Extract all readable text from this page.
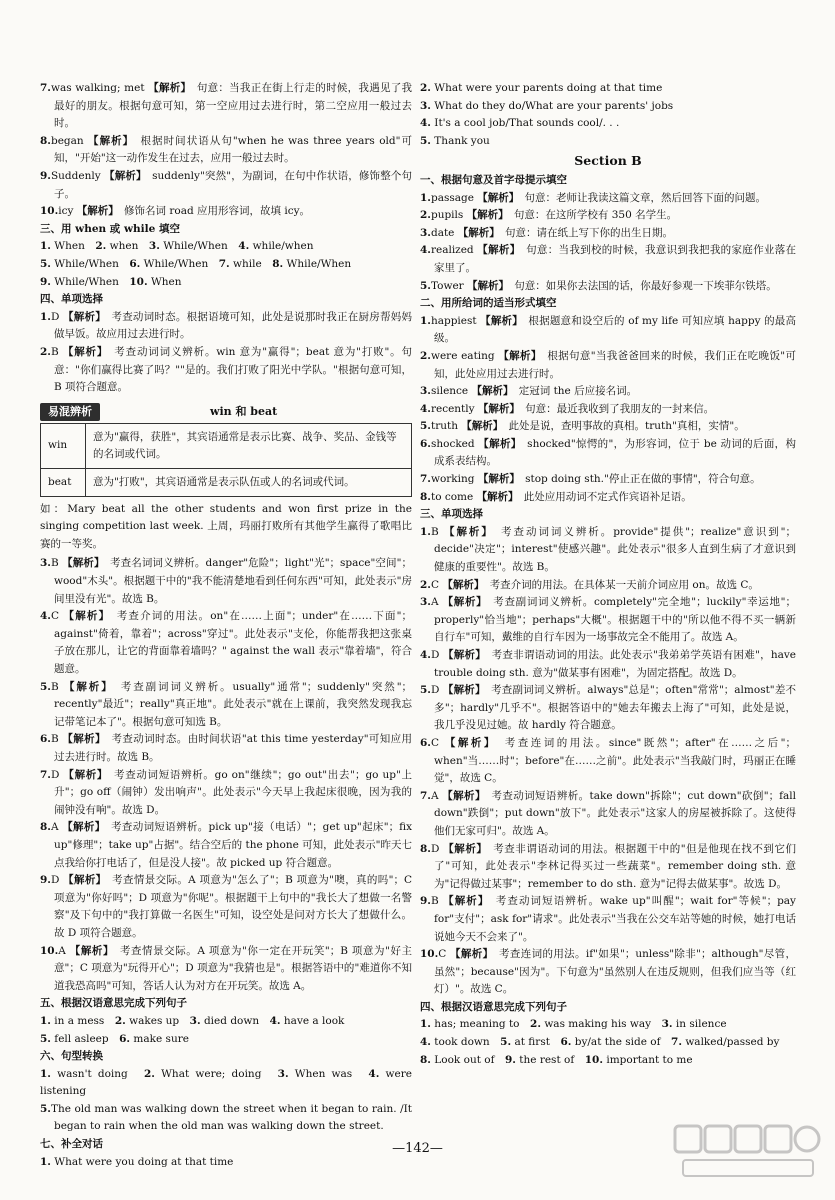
7.was walking; met 【解析】　句意：当我正在街上行走的时候，我遇见了我最好的朋友。根据句意可知，第一空应用过去进行时，第二空应用一般过去时。

8.began 【解析】　根据时间状语从句"when he was three years old"可知，"开始"这一动作发生在过去，应用一般过去时。

9.Suddenly 【解析】　suddenly"突然"，为副词，在句中作状语，修饰整个句子。

10.icy 【解析】　修饰名词 road 应用形容词，故填 icy。

三、用 when 或 while 填空

1. When　2. when　3. While/When　4. while/when

5. While/When　6. While/When　7. while　8. While/When

9. While/When　10. When

四、单项选择

1.D 【解析】　考查动词时态。根据语境可知，此处是说那时我正在厨房帮妈妈做早饭。故应用过去进行时。

2.B 【解析】　考查动词词义辨析。win 意为"赢得"；beat 意为"打败"。句意："你们赢得比赛了吗？""是的。我们打败了阳光中学队。"根据句意可知，B 项符合题意。

易混辨析	win 和 beat
win	意为"赢得，获胜"，其宾语通常是表示比赛、战争、奖品、金钱等的名词或代词。
beat	意为"打败"，其宾语通常是表示队伍或人的名词或代词。

如：Mary beat all the other students and won first prize in the singing competition last week. 上周，玛丽打败所有其他学生赢得了歌唱比赛的一等奖。

3.B 【解析】　考查名词词义辨析。danger"危险"；light"光"；space"空间"；wood"木头"。根据题干中的"我不能清楚地看到任何东西"可知，此处表示"房间里没有光"。故选 B。

4.C 【解析】　考查介词的用法。on"在……上面"；under"在……下面"；against"倚着，靠着"；across"穿过"。此处表示"支伦，你能帮我把这张桌子放在那儿，让它的背面靠着墙吗？" against the wall 表示"靠着墙"，符合题意。

5.B 【解析】　考查副词词义辨析。usually"通常"；suddenly"突然"；recently"最近"；really"真正地"。此处表示"就在上课前，我突然发现我忘记带笔记本了"。根据句意可知选 B。

6.B 【解析】　考查动词时态。由时间状语"at this time yesterday"可知应用过去进行时。故选 B。

7.D 【解析】　考查动词短语辨析。go on"继续"；go out"出去"；go up"上升"；go off（闹钟）发出响声"。此处表示"今天早上我起床很晚，因为我的闹钟没有响"。故选 D。

8.A 【解析】　考查动词短语辨析。pick up"接（电话）"；get up"起床"；fix up"修理"；take up"占据"。结合空后的 the phone 可知，此处表示"昨天七点我给你打电话了，但是没人接"。故 picked up 符合题意。

9.D 【解析】　考查情景交际。A 项意为"怎么了"；B 项意为"噢，真的吗"；C 项意为"你好吗"；D 项意为"你呢"。根据题干上句中的"我长大了想做一名警察"及下句中的"我打算做一名医生"可知，设空处是问对方长大了想做什么。故 D 项符合题意。

10.A 【解析】　考查情景交际。A 项意为"你一定在开玩笑"；B 项意为"好主意"；C 项意为"玩得开心"；D 项意为"我猜也是"。根据答语中的"难道你不知道我恐高吗"可知，答话人认为对方在开玩笑。故选 A。

五、根据汉语意思完成下列句子

1. in a mess　2. wakes up　3. died down　4. have a look

5. fell asleep　6. make sure

六、句型转换

1. wasn't doing　2. What were; doing　3. When was　4. were listening

5.The old man was walking down the street when it began to rain. /It began to rain when the old man was walking down the street.

七、补全对话

1. What were you doing at that time

2. What were your parents doing at that time

3. What do they do/What are your parents' jobs

4. It's a cool job/That sounds cool/. . .

5. Thank you

Section B

一、根据句意及首字母提示填空

1.passage 【解析】　句意：老师让我读这篇文章，然后回答下面的问题。

2.pupils 【解析】　句意：在这所学校有 350 名学生。

3.date 【解析】　句意：请在纸上写下你的出生日期。

4.realized 【解析】　句意：当我到校的时候，我意识到我把我的家庭作业落在家里了。

5.Tower 【解析】　句意：如果你去法国的话，你最好参观一下埃菲尔铁塔。

二、用所给词的适当形式填空

1.happiest 【解析】　根据题意和设空后的 of my life 可知应填 happy 的最高级。

2.were eating 【解析】　根据句意"当我爸爸回来的时候，我们正在吃晚饭"可知，此处应用过去进行时。

3.silence 【解析】　定冠词 the 后应接名词。

4.recently 【解析】　句意：最近我收到了我朋友的一封来信。

5.truth 【解析】　此处是说，查明事故的真相。truth"真相，实情"。

6.shocked 【解析】　shocked"惊愕的"，为形容词，位于 be 动词的后面，构成系表结构。

7.working 【解析】　stop doing sth."停止正在做的事情"，符合句意。

8.to come 【解析】　此处应用动词不定式作宾语补足语。

三、单项选择

1.B 【解析】　考查动词词义辨析。provide"提供"；realize"意识到"；decide"决定"；interest"使感兴趣"。此处表示"很多人直到生病了才意识到健康的重要性"。故选 B。

2.C 【解析】　考查介词的用法。在具体某一天前介词应用 on。故选 C。

3.A 【解析】　考查副词词义辨析。completely"完全地"；luckily"幸运地"；properly"恰当地"；perhaps"大概"。根据题干中的"所以他不得不买一辆新自行车"可知，戴维的自行车因为一场事故完全不能用了。故选 A。

4.D 【解析】　考查非谓语动词的用法。此处表示"我弟弟学英语有困难"，have trouble doing sth. 意为"做某事有困难"，为固定搭配。故选 D。

5.D 【解析】　考查副词词义辨析。always"总是"；often"常常"；almost"差不多"；hardly"几乎不"。根据答语中的"她去年搬去上海了"可知，此处是说，我几乎没见过她。故 hardly 符合题意。

6.C 【解析】　考查连词的用法。since"既然"；after"在……之后"；when"当……时"；before"在……之前"。此处表示"当我敲门时，玛丽正在睡觉"，故选 C。

7.A 【解析】　考查动词短语辨析。take down"拆除"；cut down"砍倒"；fall down"跌倒"；put down"放下"。此处表示"这家人的房屋被拆除了。这使得他们无家可归"。故选 A。

8.D 【解析】　考查非谓语动词的用法。根据题干中的"但是他现在找不到它们了"可知，此处表示"李林记得买过一些蔬菜"。remember doing sth. 意为"记得做过某事"；remember to do sth. 意为"记得去做某事"。故选 D。

9.B 【解析】　考查动词短语辨析。wake up"叫醒"；wait for"等候"；pay for"支付"；ask for"请求"。此处表示"当我在公交车站等她的时候，她打电话说她今天不会来了"。

10.C 【解析】　考查连词的用法。if"如果"；unless"除非"；although"尽管，虽然"；because"因为"。下句意为"虽然别人在违反规则，但我们应当等（红灯）"。故选 C。

四、根据汉语意思完成下列句子

1. has; meaning to　2. was making his way　3. in silence

4. took down　5. at first　6. by/at the side of　7. walked/passed by

8. Look out of　9. the rest of　10. important to me

—142—
